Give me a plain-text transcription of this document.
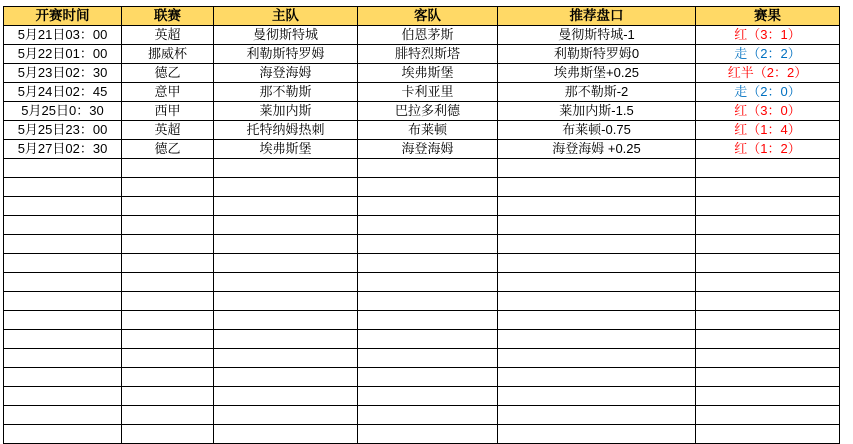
开赛时间	联赛	主队	客队	推荐盘口	赛果
5月21日03：00	英超	曼彻斯特城	伯恩茅斯	曼彻斯特城-1	红（3：1）
5月22日01：00	挪威杯	利勒斯特罗姆	腓特烈斯塔	利勒斯特罗姆0	走（2：2）
5月23日02：30	德乙	海登海姆	埃弗斯堡	埃弗斯堡+0.25	红半（2：2）
5月24日02：45	意甲	那不勒斯	卡利亚里	那不勒斯-2	走（2：0）
5月25日0：30	西甲	莱加内斯	巴拉多利德	莱加内斯-1.5	红（3：0）
5月25日23：00	英超	托特纳姆热刺	布莱顿	布莱顿-0.75	红（1：4）
5月27日02：30	德乙	埃弗斯堡	海登海姆	海登海姆 +0.25	红（1：2）
